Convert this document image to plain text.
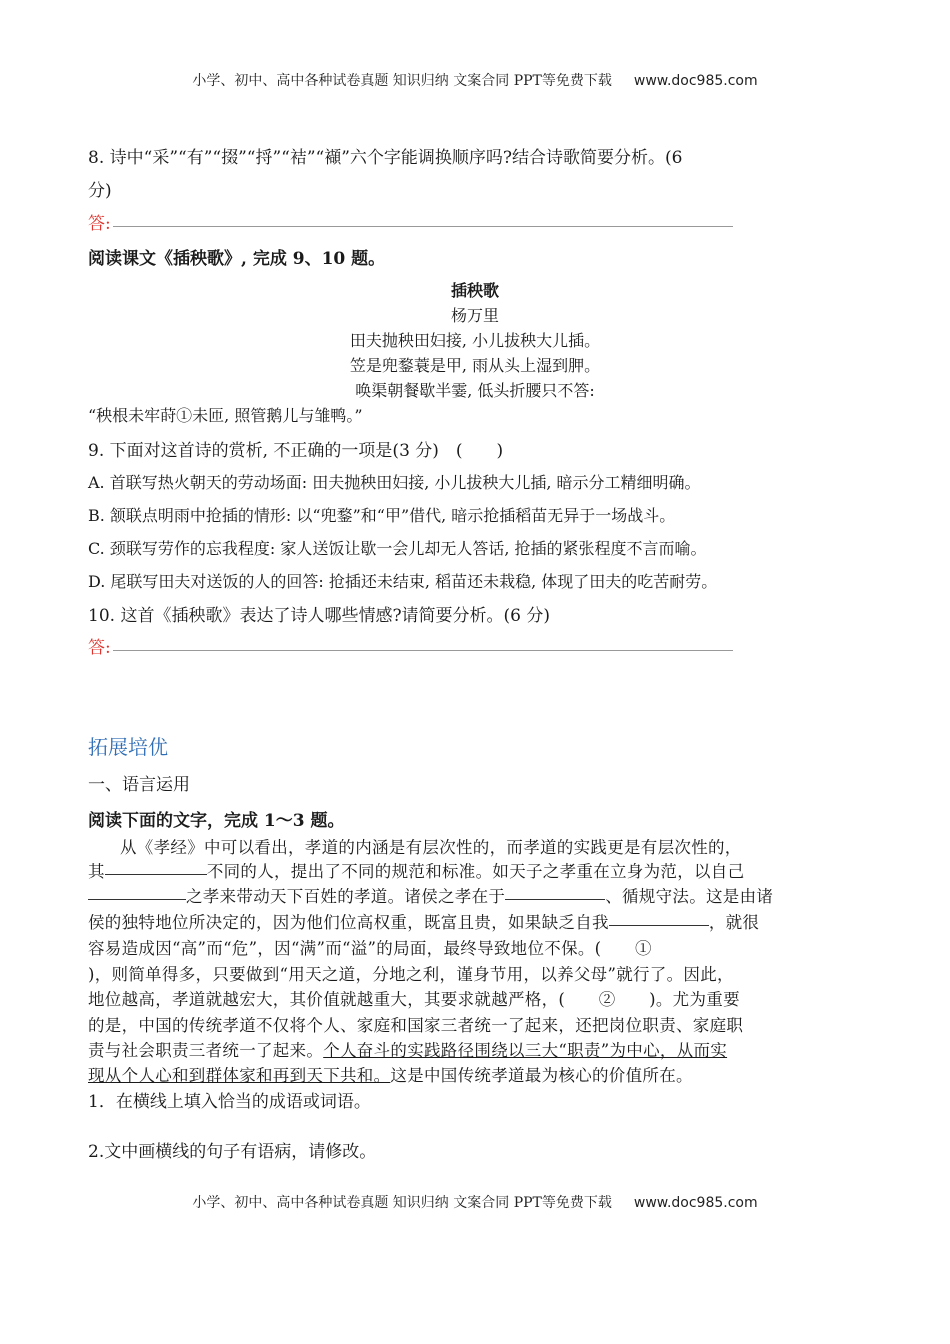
小学、初中、高中各种试卷真题 知识归纳 文案合同 PPT等免费下载 www.doc985.com
8. 诗中“采”“有”“掇”“捋”“袺”“襭”六个字能调换顺序吗?结合诗歌简要分析。(6
分)
答:
阅读课文《插秧歌》, 完成 9、10 题。
插秧歌
杨万里
田夫抛秧田妇接, 小儿拔秧大儿插。
笠是兜鍪蓑是甲, 雨从头上湿到胛。
唤渠朝餐歇半霎, 低头折腰只不答:
“秧根未牢莳①未匝, 照管鹅儿与雏鸭。”
9. 下面对这首诗的赏析, 不正确的一项是(3 分)　(　　)
A. 首联写热火朝天的劳动场面: 田夫抛秧田妇接, 小儿拔秧大儿插, 暗示分工精细明确。
B. 颔联点明雨中抢插的情形: 以“兜鍪”和“甲”借代, 暗示抢插稻苗无异于一场战斗。
C. 颈联写劳作的忘我程度: 家人送饭让歇一会儿却无人答话, 抢插的紧张程度不言而喻。
D. 尾联写田夫对送饭的人的回答: 抢插还未结束, 稻苗还未栽稳, 体现了田夫的吃苦耐劳。
10. 这首《插秧歌》表达了诗人哪些情感?请简要分析。(6 分)
答:
拓展培优
一、语言运用
阅读下面的文字，完成 1～3 题。
从《孝经》中可以看出，孝道的内涵是有层次性的，而孝道的实践更是有层次性的，
其	不同的人，提出了不同的规范和标准。如天子之孝重在立身为范，以自己
之孝来带动天下百姓的孝道。诸侯之孝在于	、循规守法。这是由诸
侯的独特地位所决定的，因为他们位高权重，既富且贵，如果缺乏自我	，就很
容易造成因“高”而“危”，因“满”而“溢”的局面，最终导致地位不保。(　　①
)，则简单得多，只要做到“用天之道，分地之利，谨身节用，以养父母”就行了。因此，
地位越高，孝道就越宏大，其价值就越重大，其要求就越严格，(　　②　　)。尤为重要
的是，中国的传统孝道不仅将个人、家庭和国家三者统一了起来，还把岗位职责、家庭职
责与社会职责三者统一了起来。个人奋斗的实践路径围绕以三大“职责”为中心，从而实
现从个人心和到群体家和再到天下共和。这是中国传统孝道最为核心的价值所在。
1．在横线上填入恰当的成语或词语。
2.文中画横线的句子有语病，请修改。
小学、初中、高中各种试卷真题 知识归纳 文案合同 PPT等免费下载 www.doc985.com
